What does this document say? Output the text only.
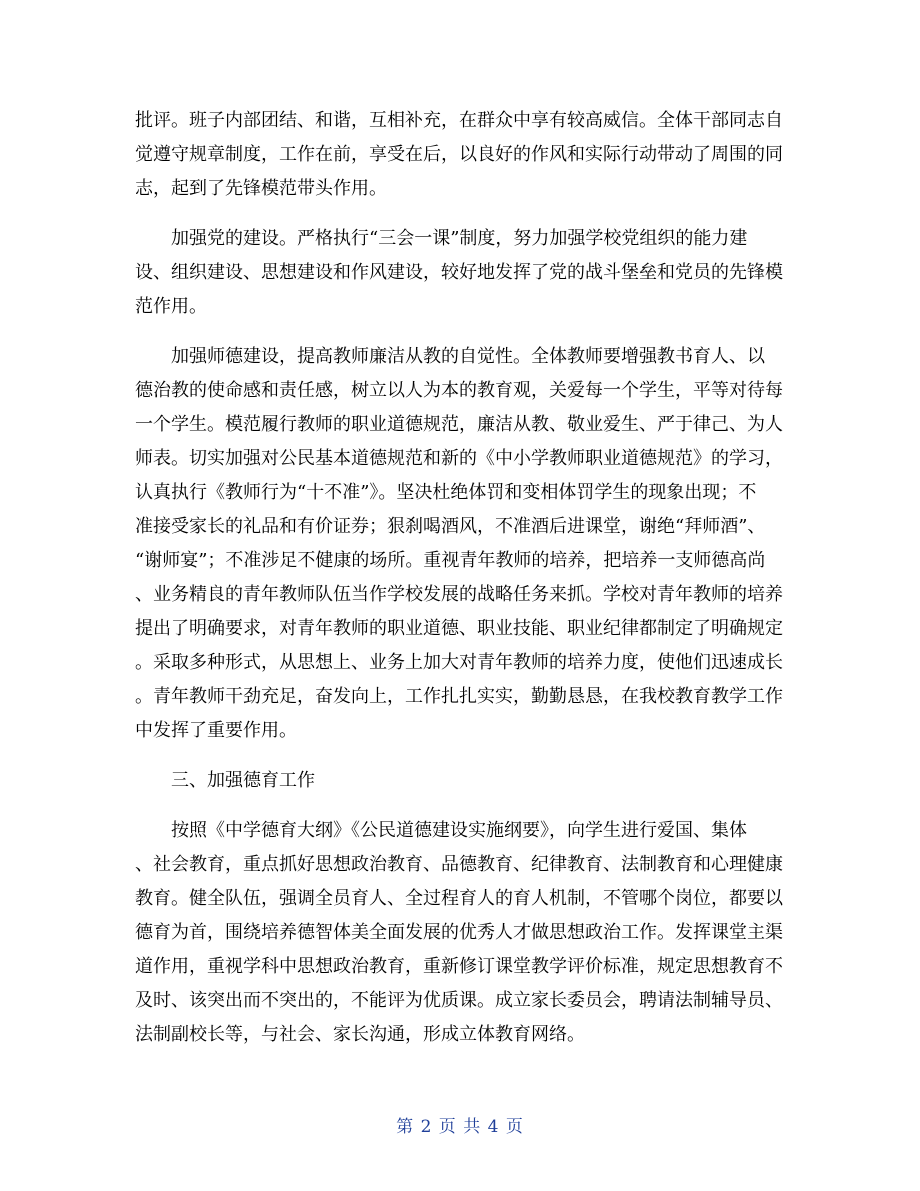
批评。班子内部团结、和谐，互相补充，在群众中享有较高威信。全体干部同志自
觉遵守规章制度，工作在前，享受在后，以良好的作风和实际行动带动了周围的同
志，起到了先锋模范带头作用。
加强党的建设。严格执行“三会一课”制度，努力加强学校党组织的能力建
设、组织建设、思想建设和作风建设，较好地发挥了党的战斗堡垒和党员的先锋模
范作用。
加强师德建设，提高教师廉洁从教的自觉性。全体教师要增强教书育人、以
德治教的使命感和责任感，树立以人为本的教育观，关爱每一个学生，平等对待每
一个学生。模范履行教师的职业道德规范，廉洁从教、敬业爱生、严于律己、为人
师表。切实加强对公民基本道德规范和新的《中小学教师职业道德规范》的学习，
认真执行《教师行为“十不准”》。坚决杜绝体罚和变相体罚学生的现象出现；不
准接受家长的礼品和有价证券；狠刹喝酒风，不准酒后进课堂，谢绝“拜师酒”、
“谢师宴”；不准涉足不健康的场所。重视青年教师的培养，把培养一支师德高尚
、业务精良的青年教师队伍当作学校发展的战略任务来抓。学校对青年教师的培养
提出了明确要求，对青年教师的职业道德、职业技能、职业纪律都制定了明确规定
。采取多种形式，从思想上、业务上加大对青年教师的培养力度，使他们迅速成长
。青年教师干劲充足，奋发向上，工作扎扎实实，勤勤恳恳，在我校教育教学工作
中发挥了重要作用。
三、加强德育工作
按照《中学德育大纲》《公民道德建设实施纲要》，向学生进行爱国、集体
、社会教育，重点抓好思想政治教育、品德教育、纪律教育、法制教育和心理健康
教育。健全队伍，强调全员育人、全过程育人的育人机制，不管哪个岗位，都要以
德育为首，围绕培养德智体美全面发展的优秀人才做思想政治工作。发挥课堂主渠
道作用，重视学科中思想政治教育，重新修订课堂教学评价标准，规定思想教育不
及时、该突出而不突出的，不能评为优质课。成立家长委员会，聘请法制辅导员、
法制副校长等，与社会、家长沟通，形成立体教育网络。
第 2 页 共 4 页
